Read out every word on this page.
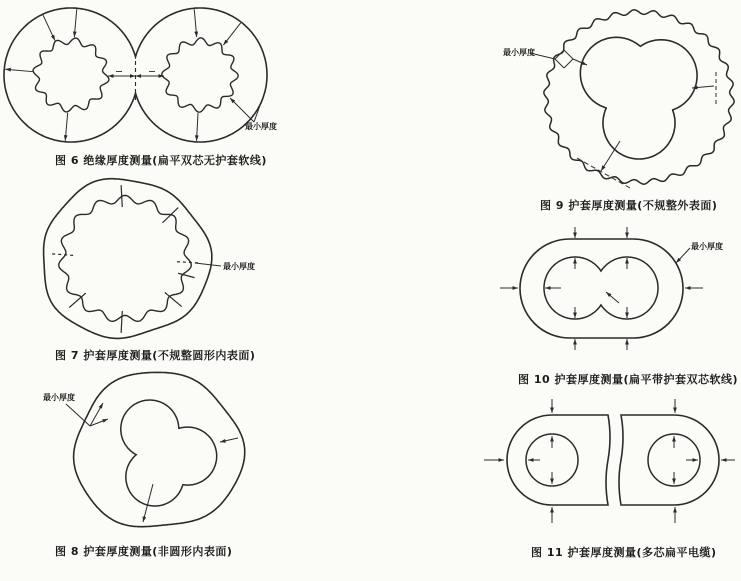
最小厚度
图 6 绝缘厚度测量(扁平双芯无护套软线)
最小厚度
图 7 护套厚度测量(不规整圆形内表面)
最小厚度
图 8 护套厚度测量(非圆形内表面)
最小厚度
图 9 护套厚度测量(不规整外表面)
最小厚度
图 10 护套厚度测量(扁平带护套双芯软线)
图 11 护套厚度测量(多芯扁平电缆)
